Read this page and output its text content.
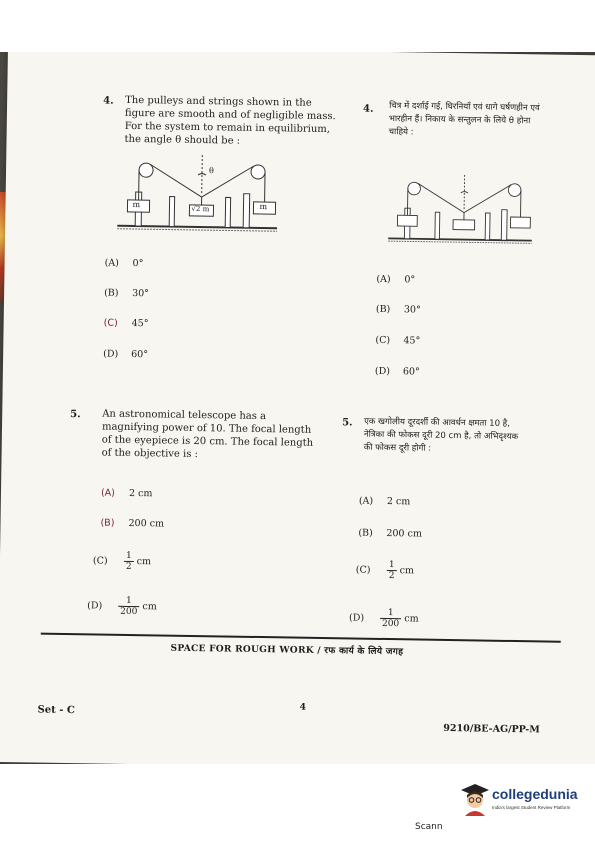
4. The pulleys and strings shown in the
figure are smooth and of negligible mass.
For the system to remain in equilibrium,
the angle θ should be :
m	√2 m	m
θ
(A) 0°
(B) 30°
(C) 45°
(D) 60°
4. चित्र में दर्शाई गई, घिरनियाँ एवं धागे घर्षणहीन एवं
भारहीन हैं। निकाय के सन्तुलन के लिये θ होना
चाहिये :
(A) 0°
(B) 30°
(C) 45°
(D) 60°
5. An astronomical telescope has a
magnifying power of 10. The focal length
of the eyepiece is 20 cm. The focal length
of the objective is :
(A) 2 cm
(B) 200 cm
$(C) \frac{1}{2}$ cm
$(D) \frac{1}{200}$ cm
5. एक खगोलीय दूरदर्शी की आवर्धन क्षमता 10 है,
नेत्रिका की फोकस दूरी 20 cm है, तो अभिदृश्यक
की फोकस दूरी होगी :
(A) 2 cm
(B) 200 cm
$(C) \frac{1}{2}$ cm
$(D) \frac{1}{200}$ cm
SPACE FOR ROUGH WORK / रफ कार्य के लिये जगह
Set - C	4
9210/BE-AG/PP-M
collegedunia
India's largest Student Review Platform
Scann
